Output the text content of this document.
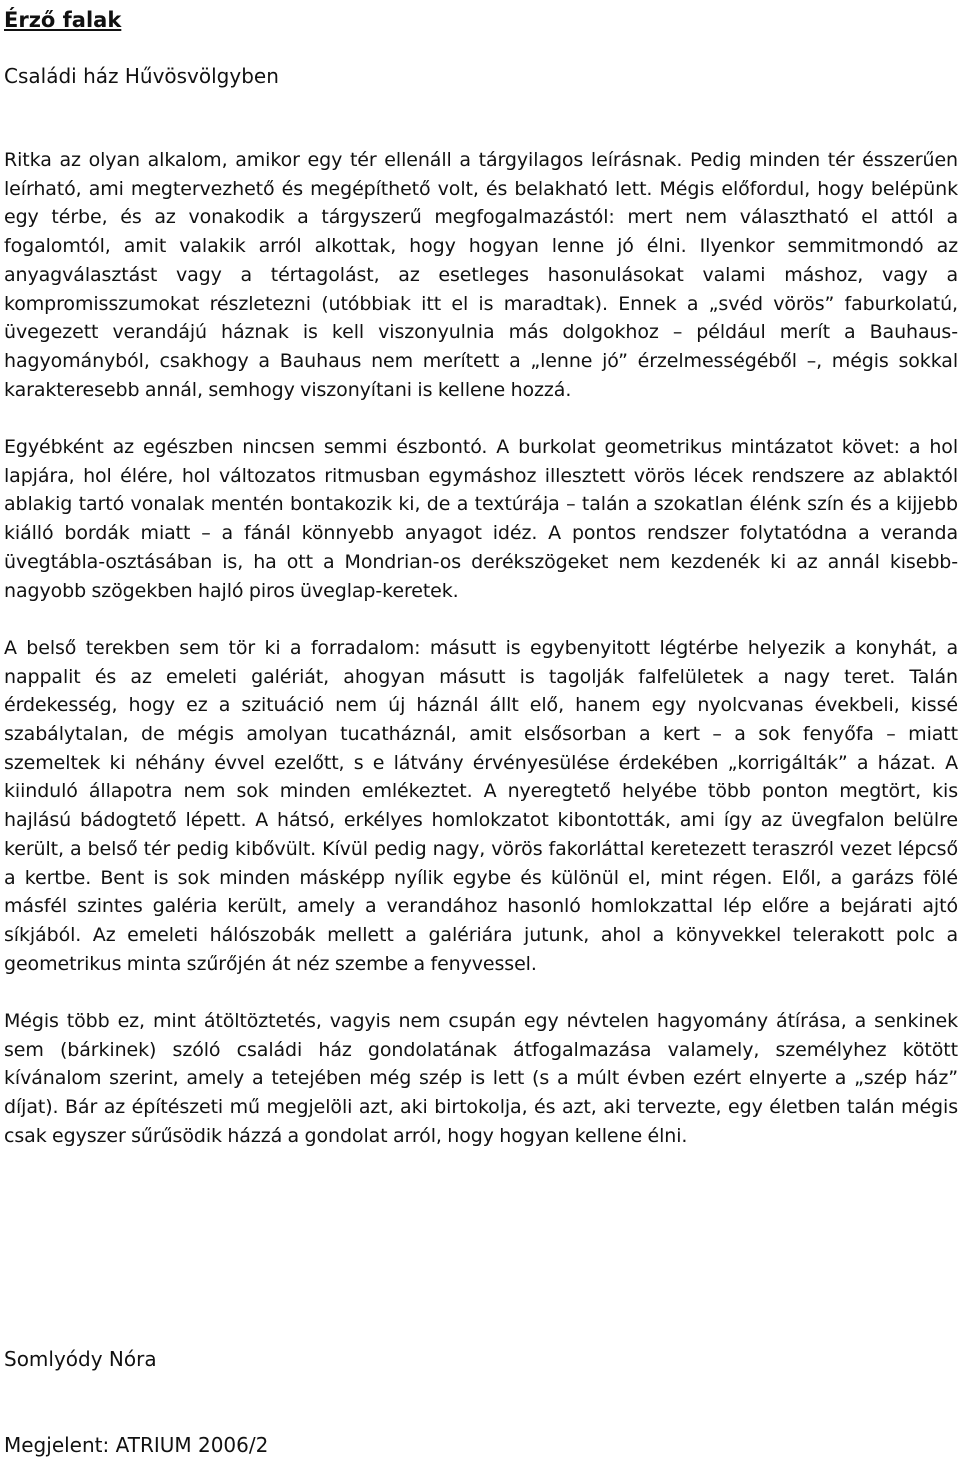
Érző falak
Családi ház Hűvösvölgyben

Ritka az olyan alkalom, amikor egy tér ellenáll a tárgyilagos leírásnak. Pedig minden tér ésszerűen leírható, ami megtervezhető és megépíthető volt, és belakható lett. Mégis előfordul, hogy belépünk egy térbe, és az vonakodik a tárgyszerű megfogalmazástól: mert nem választható el attól a fogalomtól, amit valakik arról alkottak, hogy hogyan lenne jó élni. Ilyenkor semmitmondó az anyagválasztást vagy a tértagolást, az esetleges hasonulásokat valami máshoz, vagy a kompromisszumokat részletezni (utóbbiak itt el is maradtak). Ennek a „svéd vörös” faburkolatú, üvegezett verandájú háznak is kell viszonyulnia más dolgokhoz – például merít a Bauhaus-hagyományból, csakhogy a Bauhaus nem merített a „lenne jó” érzelmességéből –, mégis sokkal karakteresebb annál, semhogy viszonyítani is kellene hozzá.

Egyébként az egészben nincsen semmi észbontó. A burkolat geometrikus mintázatot követ: a hol lapjára, hol élére, hol változatos ritmusban egymáshoz illesztett vörös lécek rendszere az ablaktól ablakig tartó vonalak mentén bontakozik ki, de a textúrája – talán a szokatlan élénk szín és a kijjebb kiálló bordák miatt – a fánál könnyebb anyagot idéz. A pontos rendszer folytatódna a veranda üvegtábla-osztásában is, ha ott a Mondrian-os derékszögeket nem kezdenék ki az annál kisebb-nagyobb szögekben hajló piros üveglap-keretek.

A belső terekben sem tör ki a forradalom: másutt is egybenyitott légtérbe helyezik a konyhát, a nappalit és az emeleti galériát, ahogyan másutt is tagolják falfelületek a nagy teret. Talán érdekesség, hogy ez a szituáció nem új háznál állt elő, hanem egy nyolcvanas évekbeli, kissé szabálytalan, de mégis amolyan tucatháznál, amit elsősorban a kert – a sok fenyőfa – miatt szemeltek ki néhány évvel ezelőtt, s e látvány érvényesülése érdekében „korrigálták” a házat. A kiinduló állapotra nem sok minden emlékeztet. A nyeregtető helyébe több ponton megtört, kis hajlású bádogtető lépett. A hátsó, erkélyes homlokzatot kibontották, ami így az üvegfalon belülre került, a belső tér pedig kibővült. Kívül pedig nagy, vörös fakorláttal keretezett teraszról vezet lépcső a kertbe. Bent is sok minden másképp nyílik egybe és különül el, mint régen. Elől, a garázs fölé másfél szintes galéria került, amely a verandához hasonló homlokzattal lép előre a bejárati ajtó síkjából. Az emeleti hálószobák mellett a galériára jutunk, ahol a könyvekkel telerakott polc a geometrikus minta szűrőjén át néz szembe a fenyvessel.

Mégis több ez, mint átöltöztetés, vagyis nem csupán egy névtelen hagyomány átírása, a senkinek sem (bárkinek) szóló családi ház gondolatának átfogalmazása valamely, személyhez kötött kívánalom szerint, amely a tetejében még szép is lett (s a múlt évben ezért elnyerte a „szép ház” díjat). Bár az építészeti mű megjelöli azt, aki birtokolja, és azt, aki tervezte, egy életben talán mégis csak egyszer sűrűsödik házzá a gondolat arról, hogy hogyan kellene élni.

Somlyódy Nóra

Megjelent: ATRIUM 2006/2
